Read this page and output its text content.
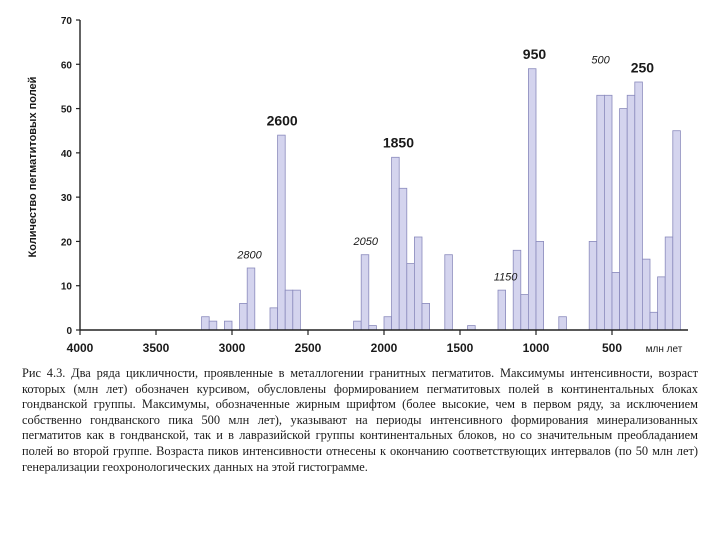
0
10
20
30
40
50
60
70
4000	3500	3000	2500	2000	1500	1000	500 млн лет
Количество пегматитовых полей	2800
2600
2050
1850
1150
950	500 250
Рис 4.3. Два ряда цикличности, проявленные в металлогении гранитных пегматитов. Максимумы интенсивности, возраст которых (млн лет) обозначен курсивом, обусловлены формированием пегматитовых полей в континентальных блоках гондванской группы. Максимумы, обозначенные жирным шрифтом (более высокие, чем в первом ряду, за исключением собственно гондванского пика 500 млн лет), указывают на периоды интенсивного формирования минерализованных пегматитов как в гондванской, так и в лавразийской группы континентальных блоков, но со значительным преобладанием полей во второй группе. Возраста пиков интенсивности отнесены к окончанию соответствующих интервалов (по 50 млн лет) генерализации геохронологических данных на этой гистограмме.
